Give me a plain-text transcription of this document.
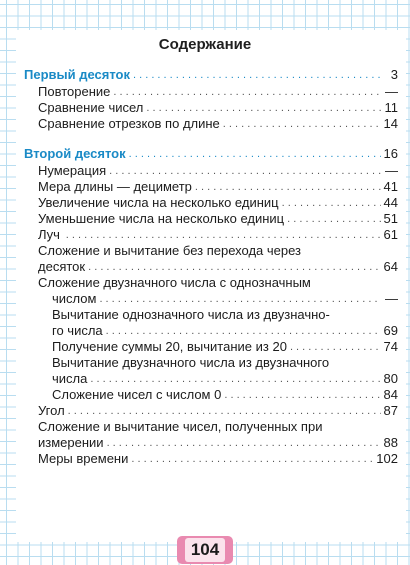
Содержание
Первый десяток . . .	3
Повторение . . .	—
Сравнение чисел . . .	11
Сравнение отрезков по длине . . .	14
Второй десяток . . .	16
Нумерация . . .	—
Мера длины — дециметр . . .	41
Увеличение числа на несколько единиц . . .	44
Уменьшение числа на несколько единиц . . .	51
Луч . . .	61
Сложение и вычитание без перехода через
десяток . . .	64
Сложение двузначного числа с однозначным
числом . . .	—
Вычитание однозначного числа из двузначно-
го числа . . .	69
Получение суммы 20, вычитание из 20 . . .	74
Вычитание двузначного числа из двузначного
числа . . .	80
Сложение чисел с числом 0 . . .	84
Угол . . .	87
Сложение и вычитание чисел, полученных при
измерении . . .	88
Меры времени . . .	102
104
